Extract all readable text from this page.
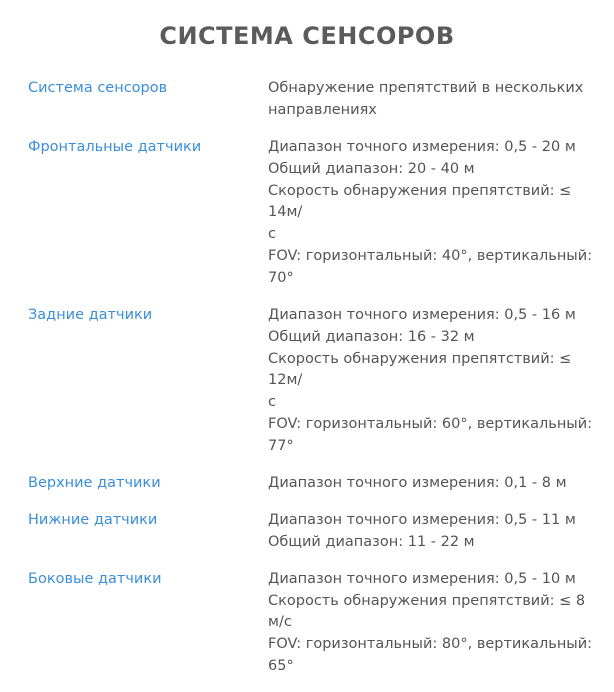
СИСТЕМА СЕНСОРОВ
Система сенсоров	Обнаружение препятствий в нескольких
направлениях
Фронтальные датчики	Диапазон точного измерения: 0,5 - 20 м
Общий диапазон: 20 - 40 м
Скорость обнаружения препятствий: ≤ 14м/
с
FOV: горизонтальный: 40°, вертикальный:
70°
Задние датчики	Диапазон точного измерения: 0,5 - 16 м
Общий диапазон: 16 - 32 м
Скорость обнаружения препятствий: ≤ 12м/
с
FOV: горизонтальный: 60°, вертикальный:
77°
Верхние датчики	Диапазон точного измерения: 0,1 - 8 м
Нижние датчики	Диапазон точного измерения: 0,5 - 11 м
Общий диапазон: 11 - 22 м
Боковые датчики	Диапазон точного измерения: 0,5 - 10 м
Скорость обнаружения препятствий: ≤ 8 м/с
FOV: горизонтальный: 80°, вертикальный:
65°
